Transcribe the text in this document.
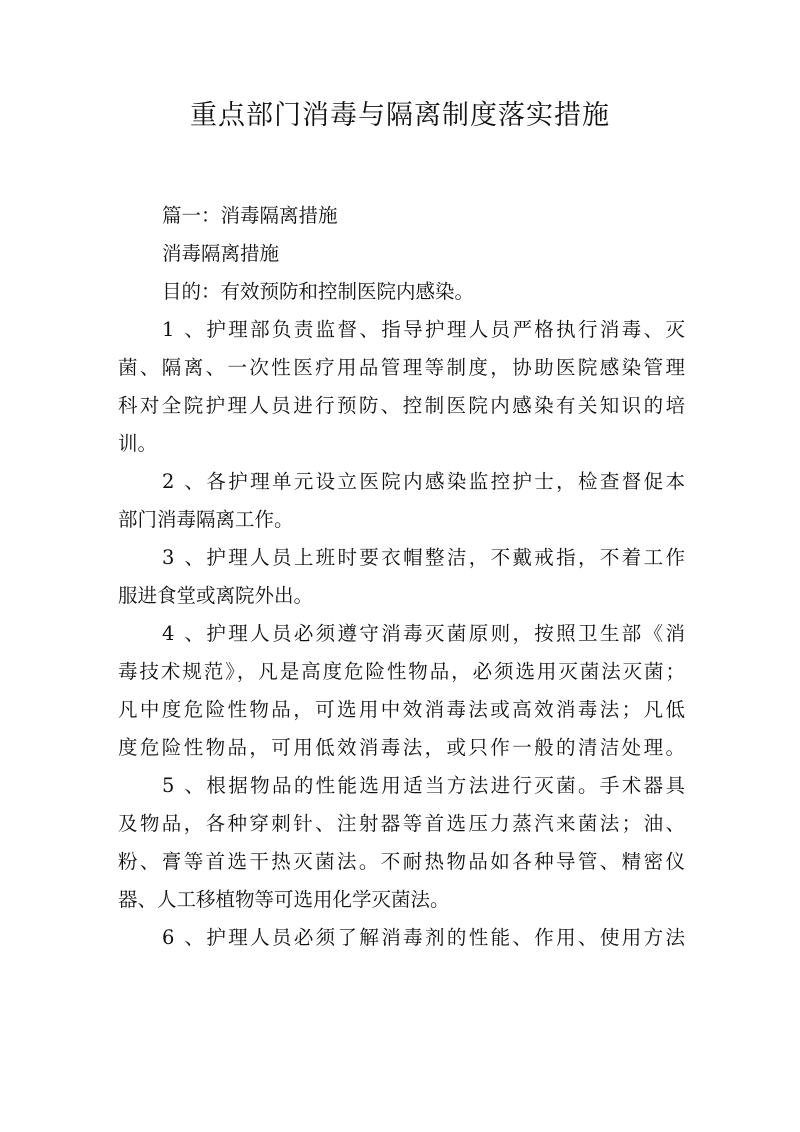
重点部门消毒与隔离制度落实措施
篇一：消毒隔离措施
消毒隔离措施
目的：有效预防和控制医院内感染。
1、护理部负责监督、指导护理人员严格执行消毒、灭
菌、隔离、一次性医疗用品管理等制度，协助医院感染管理
科对全院护理人员进行预防、控制医院内感染有关知识的培
训。
2、各护理单元设立医院内感染监控护士，检查督促本
部门消毒隔离工作。
3、护理人员上班时要衣帽整洁，不戴戒指，不着工作
服进食堂或离院外出。
4、护理人员必须遵守消毒灭菌原则，按照卫生部《消
毒技术规范》，凡是高度危险性物品，必须选用灭菌法灭菌；
凡中度危险性物品，可选用中效消毒法或高效消毒法；凡低
度危险性物品，可用低效消毒法，或只作一般的清洁处理。
5、根据物品的性能选用适当方法进行灭菌。手术器具
及物品，各种穿刺针、注射器等首选压力蒸汽来菌法；油、
粉、膏等首选干热灭菌法。不耐热物品如各种导管、精密仪
器、人工移植物等可选用化学灭菌法。
6、护理人员必须了解消毒剂的性能、作用、使用方法
